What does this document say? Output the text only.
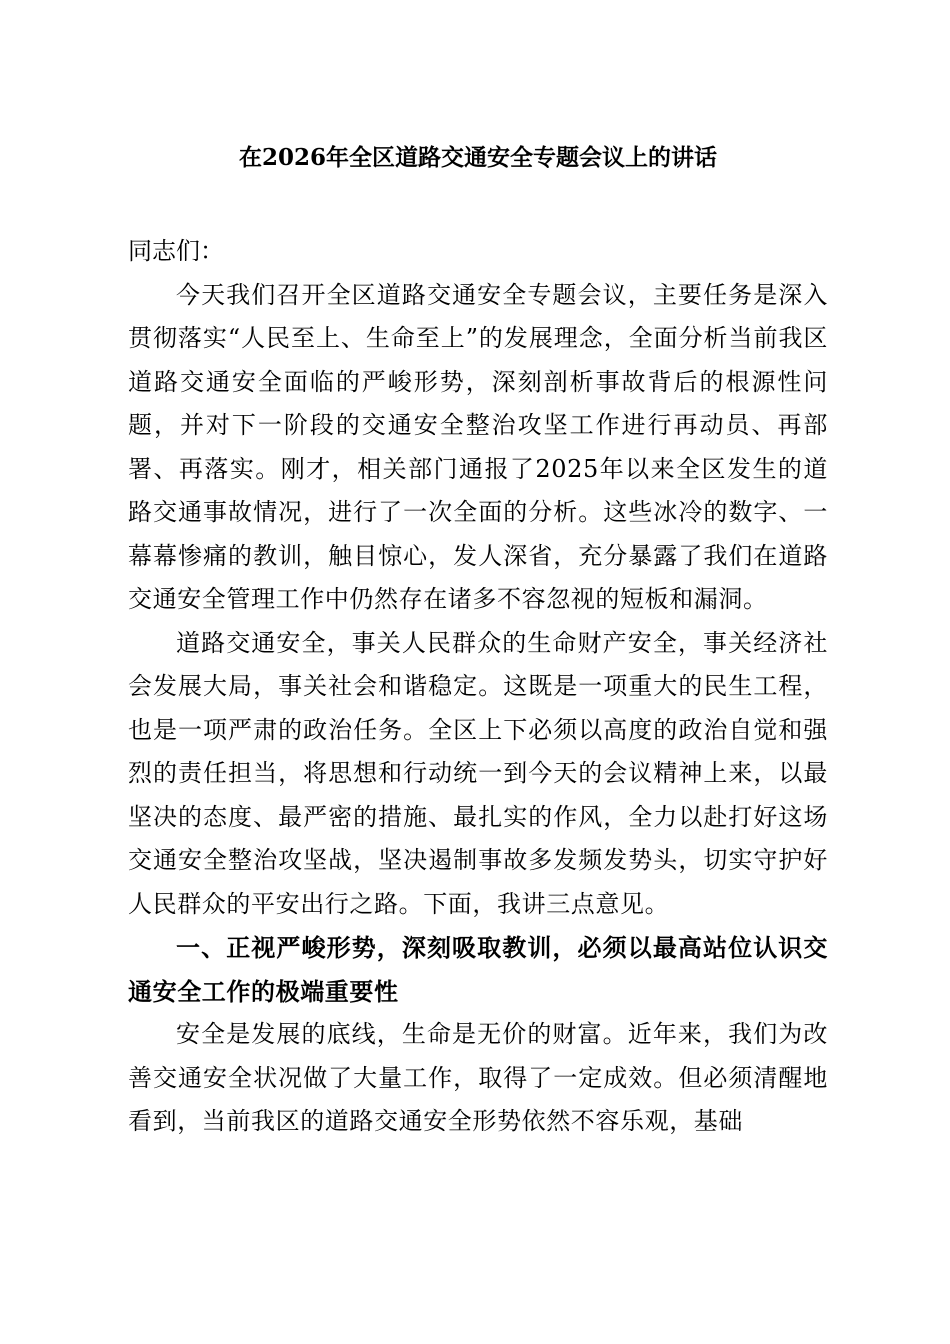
在2026年全区道路交通安全专题会议上的讲话

同志们：

今天我们召开全区道路交通安全专题会议，主要任务是深入贯彻落实“人民至上、生命至上”的发展理念，全面分析当前我区道路交通安全面临的严峻形势，深刻剖析事故背后的根源性问题，并对下一阶段的交通安全整治攻坚工作进行再动员、再部署、再落实。刚才，相关部门通报了2025年以来全区发生的道路交通事故情况，进行了一次全面的分析。这些冰冷的数字、一幕幕惨痛的教训，触目惊心，发人深省，充分暴露了我们在道路交通安全管理工作中仍然存在诸多不容忽视的短板和漏洞。

道路交通安全，事关人民群众的生命财产安全，事关经济社会发展大局，事关社会和谐稳定。这既是一项重大的民生工程，也是一项严肃的政治任务。全区上下必须以高度的政治自觉和强烈的责任担当，将思想和行动统一到今天的会议精神上来，以最坚决的态度、最严密的措施、最扎实的作风，全力以赴打好这场交通安全整治攻坚战，坚决遏制事故多发频发势头，切实守护好人民群众的平安出行之路。下面，我讲三点意见。

一、正视严峻形势，深刻吸取教训，必须以最高站位认识交通安全工作的极端重要性

安全是发展的底线，生命是无价的财富。近年来，我们为改善交通安全状况做了大量工作，取得了一定成效。但必须清醒地看到，当前我区的道路交通安全形势依然不容乐观，基础
